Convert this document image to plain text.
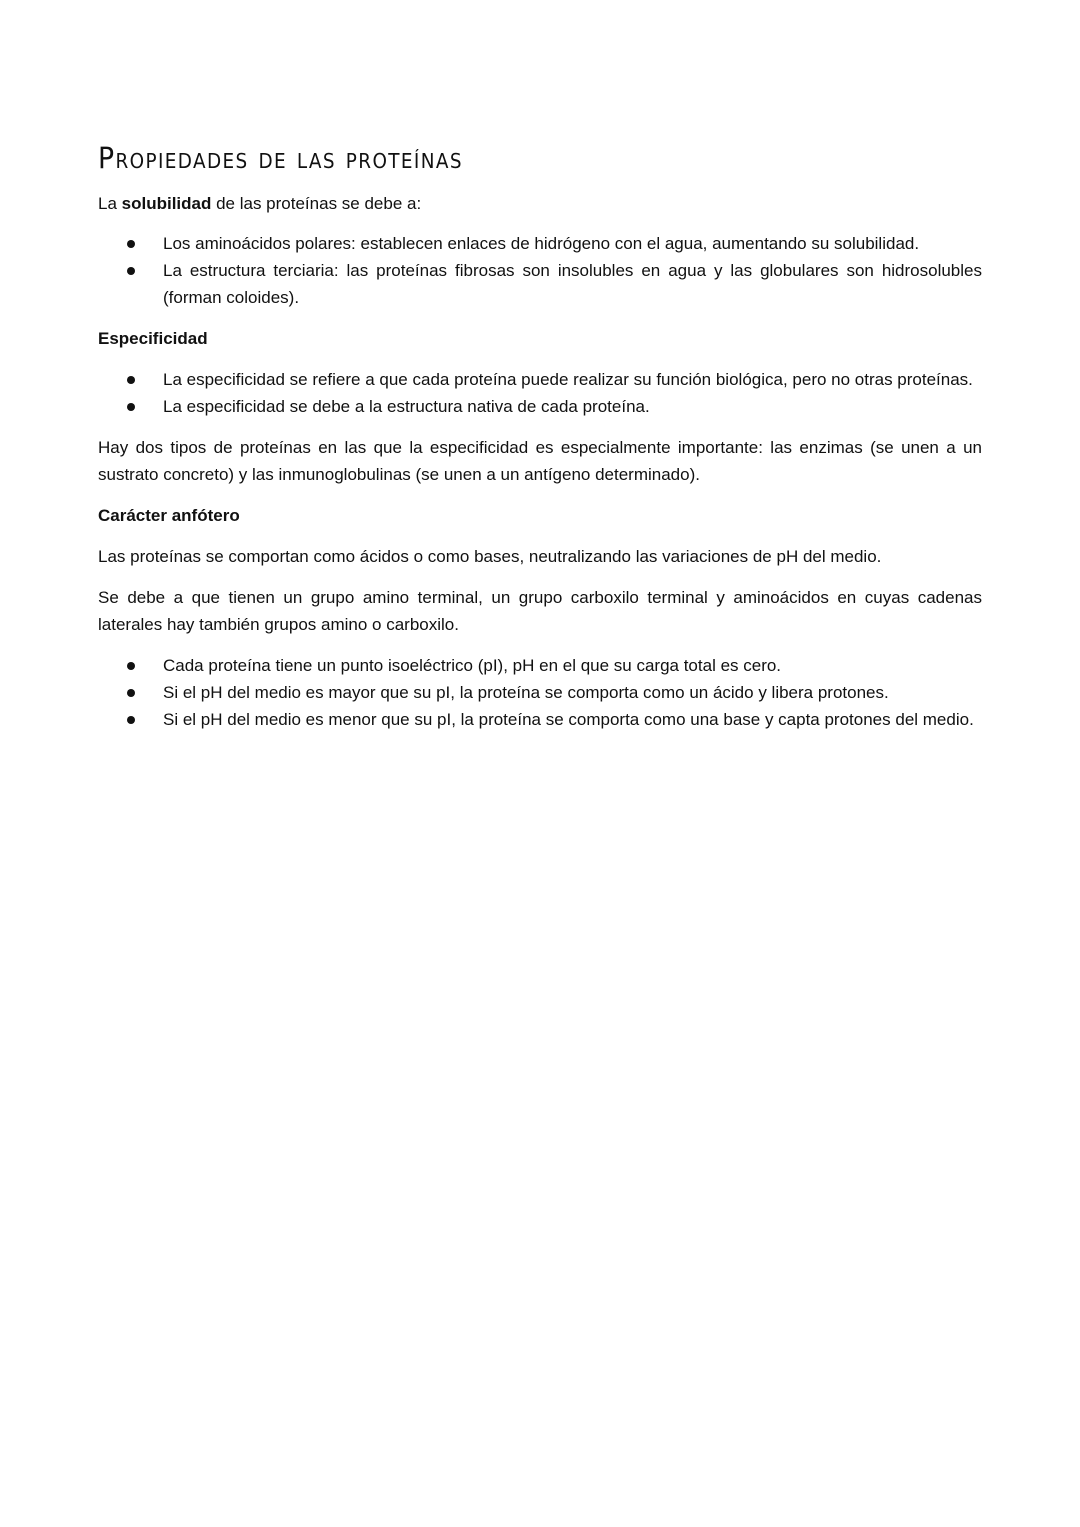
Propiedades de las proteínas

La solubilidad de las proteínas se debe a:

Los aminoácidos polares: establecen enlaces de hidrógeno con el agua, aumentando su solubilidad.
La estructura terciaria: las proteínas fibrosas son insolubles en agua y las globulares son hidrosolubles (forman coloides).
Especificidad
La especificidad se refiere a que cada proteína puede realizar su función biológica, pero no otras proteínas.
La especificidad se debe a la estructura nativa de cada proteína.

Hay dos tipos de proteínas en las que la especificidad es especialmente importante: las enzimas (se unen a un sustrato concreto) y las inmunoglobulinas (se unen a un antígeno determinado).

Carácter anfótero

Las proteínas se comportan como ácidos o como bases, neutralizando las variaciones de pH del medio.

Se debe a que tienen un grupo amino terminal, un grupo carboxilo terminal y aminoácidos en cuyas cadenas laterales hay también grupos amino o carboxilo.

Cada proteína tiene un punto isoeléctrico (pI), pH en el que su carga total es cero.
Si el pH del medio es mayor que su pI, la proteína se comporta como un ácido y libera protones.
Si el pH del medio es menor que su pI, la proteína se comporta como una base y capta protones del medio.
